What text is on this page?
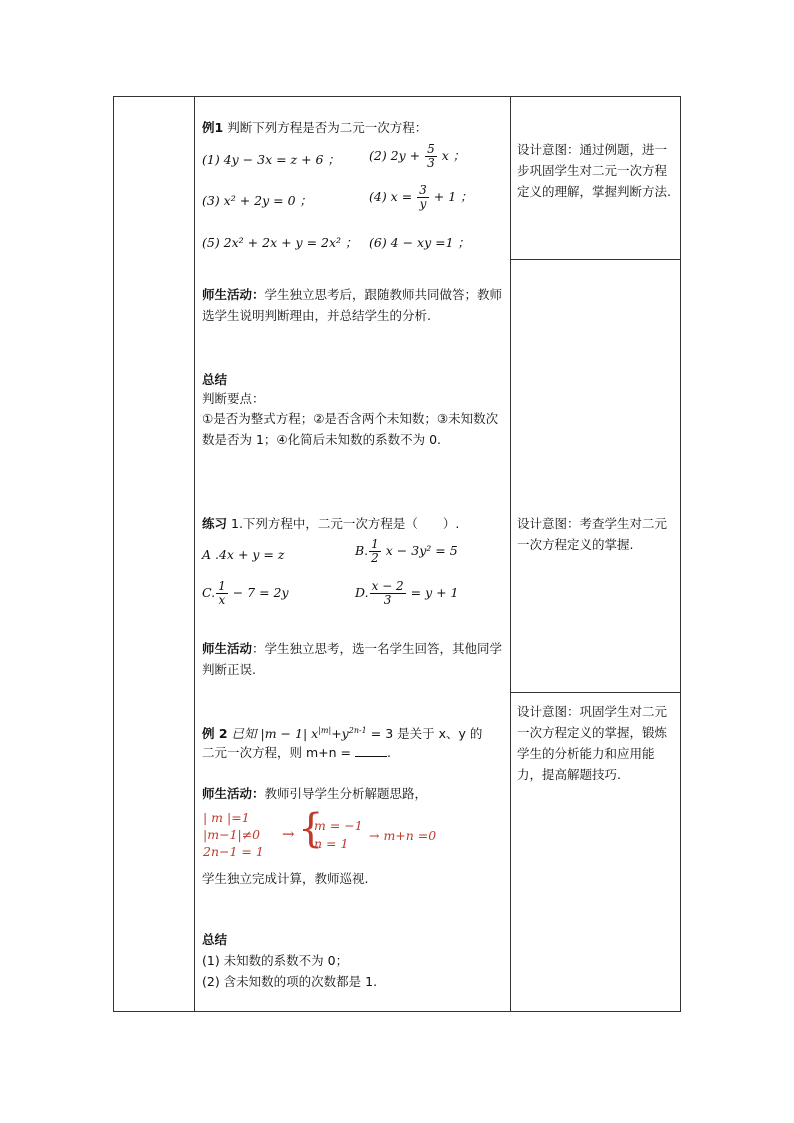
例1 判断下列方程是否为二元一次方程：
(1) 4y − 3x = z + 6 ； (2) $2y + \frac{5}{3}$ x ；
(3) x² + 2y = 0 ；	(4) $x = \frac{3}{y} + 1$ ；
(5) 2x² + 2x + y = 2x² ； (6) 4 − xy =1 ；
师生活动：学生独立思考后，跟随教师共同做答；教师选学生说明判断理由，并总结学生的分析.
总结
判断要点：
①是否为整式方程；②是否含两个未知数；③未知数次数是否为 1；④化简后未知数的系数不为 0.
设计意图：通过例题，进一步巩固学生对二元一次方程定义的理解，掌握判断方法.
练习 1.下列方程中，二元一次方程是（　　）.
A .4x + y = z	B. $\frac{1}{2}$ x − 3y² = 5
C. $\frac{1}{x} - 7 = 2y$	D. $\frac{x - 2}{3} = y + 1$
师生活动：学生独立思考，选一名学生回答，其他同学判断正误.
设计意图：考查学生对二元一次方程定义的掌握.
例 2 已知 |m − 1| $x^{|m|}+y^{2n-1} = 3$ 是关于 x、y 的
二元一次方程，则 m+n =	.
师生活动：教师引导学生分析解题思路，
| m |=1
|m−1|≠0
2n−1 = 1
→ {
m = −1
n = 1
→ m+n =0
学生独立完成计算，教师巡视.
总结
(1) 未知数的系数不为 0；
(2) 含未知数的项的次数都是 1.
设计意图：巩固学生对二元一次方程定义的掌握，锻炼学生的分析能力和应用能力，提高解题技巧.
